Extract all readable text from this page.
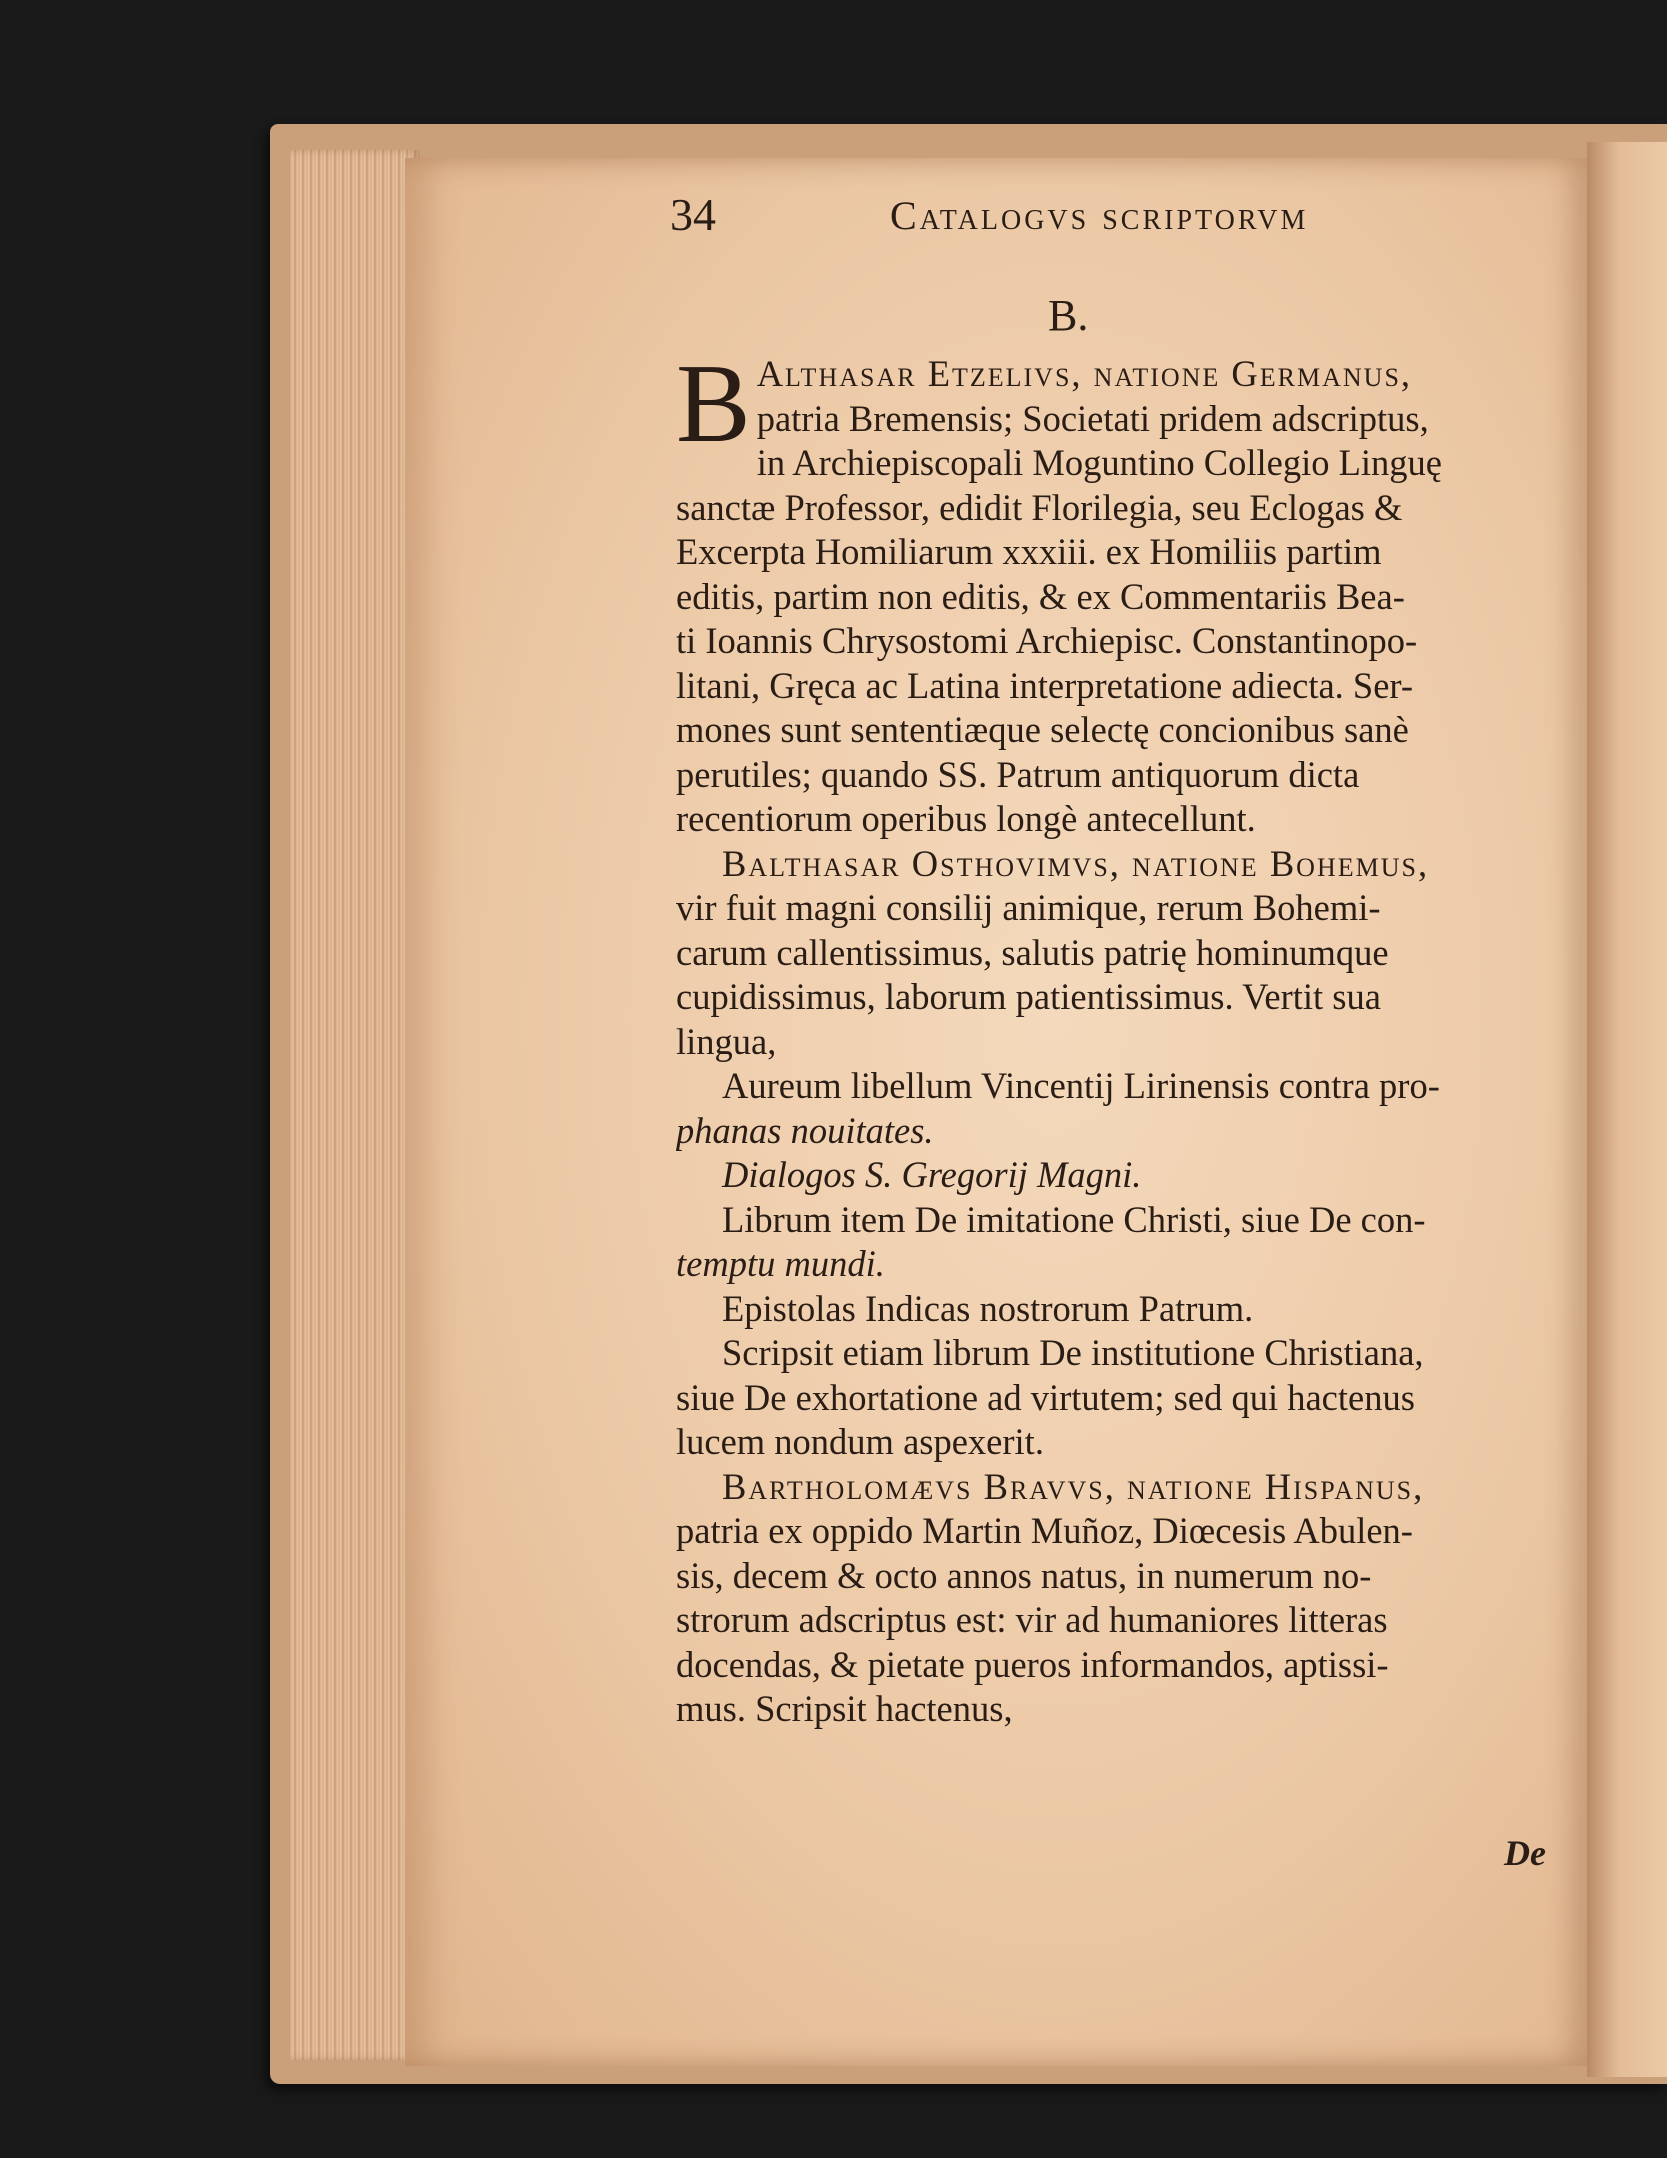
34	Catalogvs scriptorvm
B.
B Althasar Etzelivs, natione Germanus,
patria Bremensis; Societati pridem adscriptus,
in Archiepiscopali Moguntino Collegio Linguę
sanctæ Professor, edidit Florilegia, seu Eclogas &
Excerpta Homiliarum xxxiii. ex Homiliis partim
editis, partim non editis, & ex Commentariis Bea-
ti Ioannis Chrysostomi Archiepisc. Constantinopo-
litani, Gręca ac Latina interpretatione adiecta. Ser-
mones sunt sententiæque selectę concionibus sanè
perutiles; quando SS. Patrum antiquorum dicta
recentiorum operibus longè antecellunt.
Balthasar Osthovimvs, natione Bohemus,
vir fuit magni consilij animique, rerum Bohemi-
carum callentissimus, salutis patrię hominumque
cupidissimus, laborum patientissimus. Vertit sua
lingua,
Aureum libellum Vincentij Lirinensis contra pro-
phanas nouitates.
Dialogos S. Gregorij Magni.
Librum item De imitatione Christi, siue De con-
temptu mundi.
Epistolas Indicas nostrorum Patrum.
Scripsit etiam librum De institutione Christiana,
siue De exhortatione ad virtutem; sed qui hactenus
lucem nondum aspexerit.
Bartholomævs Bravvs, natione Hispanus,
patria ex oppido Martin Muñoz, Diœcesis Abulen-
sis, decem & octo annos natus, in numerum no-
strorum adscriptus est: vir ad humaniores litteras
docendas, & pietate pueros informandos, aptissi-
mus. Scripsit hactenus,
De
